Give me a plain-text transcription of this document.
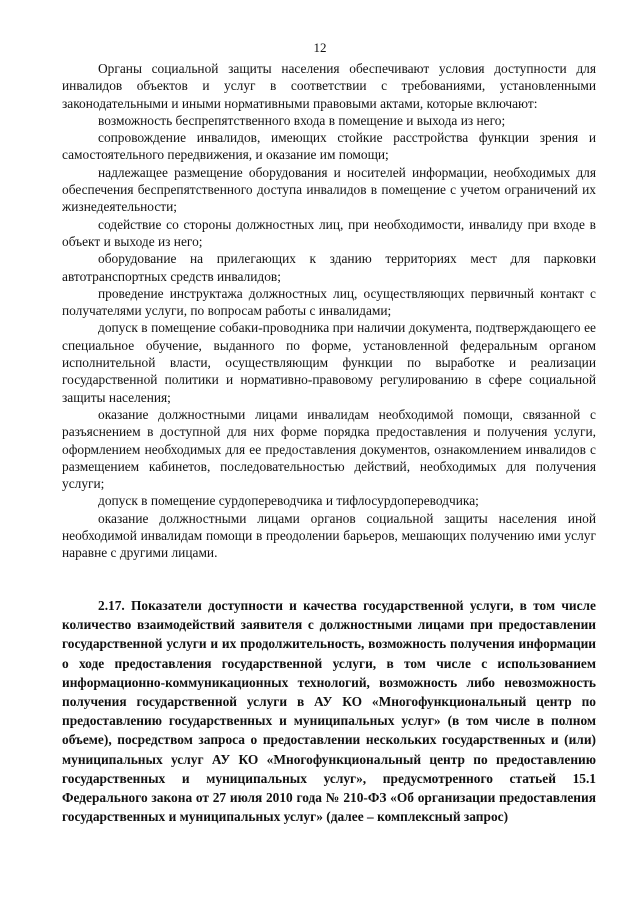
12

Органы социальной защиты населения обеспечивают условия доступности для инвалидов объектов и услуг в соответствии с требованиями, установленными законодательными и иными нормативными правовыми актами, которые включают:

возможность беспрепятственного входа в помещение и выхода из него;

сопровождение инвалидов, имеющих стойкие расстройства функции зрения и самостоятельного передвижения, и оказание им помощи;

надлежащее размещение оборудования и носителей информации, необходимых для обеспечения беспрепятственного доступа инвалидов в помещение с учетом ограничений их жизнедеятельности;

содействие со стороны должностных лиц, при необходимости, инвалиду при входе в объект и выходе из него;

оборудование на прилегающих к зданию территориях мест для парковки автотранспортных средств инвалидов;

проведение инструктажа должностных лиц, осуществляющих первичный контакт с получателями услуги, по вопросам работы с инвалидами;

допуск в помещение собаки-проводника при наличии документа, подтверждающего ее специальное обучение, выданного по форме, установленной федеральным органом исполнительной власти, осуществляющим функции по выработке и реализации государственной политики и нормативно-правовому регулированию в сфере социальной защиты населения;

оказание должностными лицами инвалидам необходимой помощи, связанной с разъяснением в доступной для них форме порядка предоставления и получения услуги, оформлением необходимых для ее предоставления документов, ознакомлением инвалидов с размещением кабинетов, последовательностью действий, необходимых для получения услуги;

допуск в помещение сурдопереводчика и тифлосурдопереводчика;

оказание должностными лицами органов социальной защиты населения иной необходимой инвалидам помощи в преодолении барьеров, мешающих получению ими услуг наравне с другими лицами.

2.17. Показатели доступности и качества государственной услуги, в том числе количество взаимодействий заявителя с должностными лицами при предоставлении государственной услуги и их продолжительность, возможность получения информации о ходе предоставления государственной услуги, в том числе с использованием информационно-коммуникационных технологий, возможность либо невозможность получения государственной услуги в АУ КО «Многофункциональный центр по предоставлению государственных и муниципальных услуг» (в том числе в полном объеме), посредством запроса о предоставлении нескольких государственных и (или) муниципальных услуг АУ КО «Многофункциональный центр по предоставлению государственных и муниципальных услуг», предусмотренного статьей 15.1 Федерального закона от 27 июля 2010 года № 210-ФЗ «Об организации предоставления государственных и муниципальных услуг» (далее – комплексный запрос)
